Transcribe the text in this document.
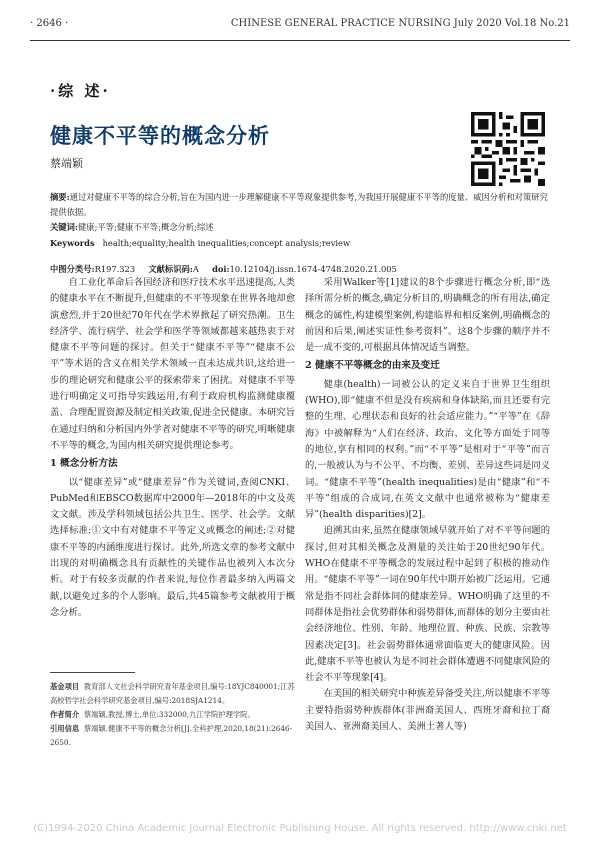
· 2646 ·	CHINESE GENERAL PRACTICE NURSING July 2020 Vol.18 No.21
·综 述·
健康不平等的概念分析
蔡端颖
摘要:通过对健康不平等的综合分析,旨在为国内进一步理解健康不平等现象提供参考,为我国开展健康不平等的度量、威因分析和对策研究提供依据。
关键词:健康;平等;健康不平等;概念分析;综述
Keywords health;equality;health inequalities;concept analysis;review
中图分类号:R197.323 文献标识码:A doi:10.12104/j.issn.1674-4748.2020.21.005

自工业化革命后各国经济和医疗技术水平迅速提高,人类的健康水平在不断提升,但健康的不平等现象在世界各地却愈演愈烈,并于20世纪70年代在学术界掀起了研究热潮。卫生经济学、流行病学、社会学和医学等领域都越来越热衷于对健康不平等问题的探讨。但关于“健康不平等”“健康不公平”等术语的含义在相关学术领域一直未达成共识,这给进一步的理论研究和健康公平的探索带来了困扰。对健康不平等进行明确定义可指导实践运用,有利于政府机构监测健康覆盖、合理配置资源及制定相关政策,促进全民健康。本研究旨在通过归纳和分析国内外学者对健康不平等的研究,明晰健康不平等的概念,为国内相关研究提供理论参考。

1 概念分析方法

以“健康差异”或“健康差异”作为关键词,查阅CNKI、PubMed和EBSCO数据库中2000年—2018年的中文及英文文献。涉及学科领域包括公共卫生、医学、社会学。文献选择标准:①文中有对健康不平等定义或概念的阐述;②对健康不平等的内涵维度进行探讨。此外,所选文章的参考文献中出现的对明确概念具有贡献性的关键作品也被列入本次分析。对于有较多贡献的作者来说,每位作者最多纳入两篇文献,以避免过多的个人影响。最后,共45篇参考文献被用于概念分析。

采用Walker等[1]建议的8个步骤进行概念分析,即“选择所需分析的概念,确定分析目的,明确概念的所有用法,确定概念的属性,构建模型案例,构建临界和相反案例,明确概念的前因和后果,阐述实证性参考资料”。这8个步骤的顺序并不是一成不变的,可根据具体情况适当调整。

2 健康不平等概念的由来及变迁

健康(health)一词被公认的定义来自于世界卫生组织(WHO),即“健康不但是没有疾病和身体缺陷,而且还要有完整的生理、心理状态和良好的社会适应能力。”“平等”在《辞海》中被解释为“人们在经济、政治、文化等方面处于同等的地位,享有相同的权利。”而“不平等”是相对于“平等”而言的,一般被认为与不公平、不均衡、差别、差异这些词是同义词。“健康不平等”(health inequalities)是由“健康”和“不平等”组成的合成词,在英文文献中也通常被称为“健康差异”(health disparities)[2]。

追溯其由来,虽然在健康领域早就开始了对不平等问题的探讨,但对其相关概念及测量的关注始于20世纪90年代。WHO在健康不平等概念的发展过程中起到了积极的推动作用。“健康不平等”一词在90年代中期开始被广泛运用。它通常是指不同社会群体间的健康差异。WHO明确了这里的不同群体是指社会优势群体和弱势群体,而群体的划分主要由社会经济地位、性别、年龄、地理位置、种族、民族、宗教等因素决定[3]。社会弱势群体通常面临更大的健康风险。因此,健康不平等也被认为是不同社会群体遭遇不同健康风险的社会不平等现象[4]。

在美国的相关研究中种族差异备受关注,所以健康不平等主要特指弱势种族群体(非洲裔美国人、西班牙裔和拉丁裔美国人、亚洲裔美国人、美洲土著人等)

基金项目 教育部人文社会科学研究青年基金项目,编号:18YJC840001;江苏高校哲学社会科学研究基金项目,编号:2018SJA1214。
作者简介 蔡端颖,教授,博士,单位:332000,九江学院护理学院。
引用信息 蔡端颖.健康不平等的概念分析[J].全科护理,2020,18(21):2646-2650.
(C)1994-2020 China Academic Journal Electronic Publishing House. All rights reserved. http://www.cnki.net
